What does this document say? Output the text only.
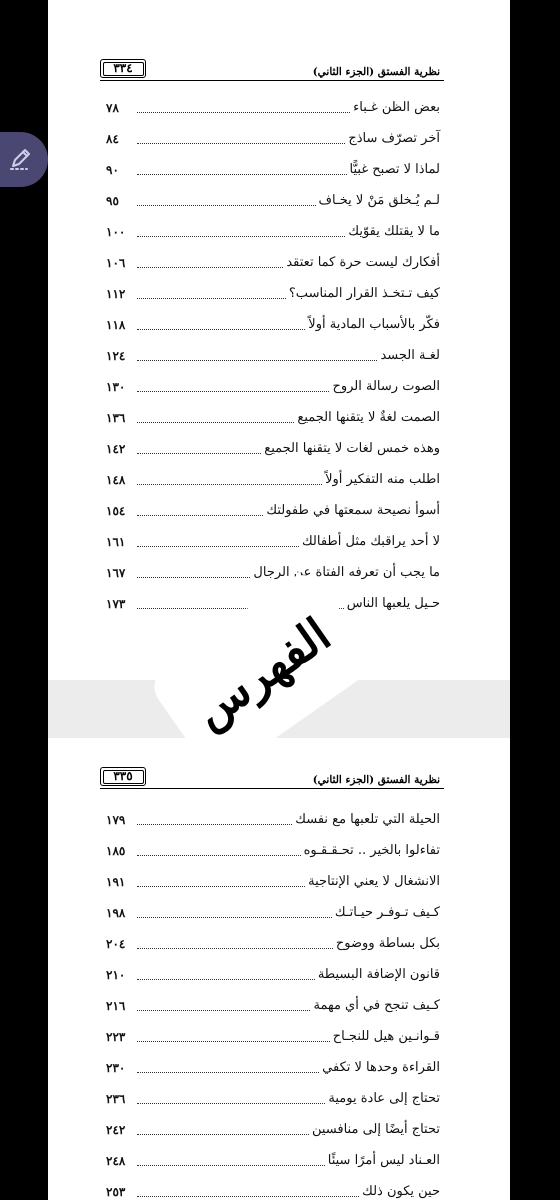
نظرية الفستق (الجزء الثاني)
٣٣٤
بعض الظن غـباء
٧٨
آخر تصرّف ساذج
٨٤
لماذا لا تصبح غبيًّا
٩٠
لـم يُـخلق مَنْ لا يخـاف
٩٥
ما لا يقتلك يقوّيك
١٠٠
أفكارك ليست حرة كما تعتقد
١٠٦
كيف تـتخـذ القرار المناسب؟
١١٢
فكّر بالأسباب المادية أولاً
١١٨
لغـة الجسد
١٢٤
الصوت رسالة الروح
١٣٠
الصمت لغةٌ لا يتقنها الجميع
١٣٦
وهذه خمس لغات لا يتقنها الجميع
١٤٢
اطلب منه التفكير أولاً
١٤٨
أسوأ نصيحة سمعتها في طفولتك
١٥٤
لا أحد يراقبك مثل أطفالك
١٦١
ما يجب أن تعرفه الفتاة عن الرجال
١٦٧
حـيل يلعبها الناس
١٧٣
نظرية الفستق (الجزء الثاني)
٣٣٥
الحيلة التي تلعبها مع نفسك
١٧٩
تفاءلوا بالخير .. تحـقـقـوه
١٨٥
الانشغال لا يعني الإنتاجية
١٩١
كـيف تـوفـر حيـاتـك
١٩٨
بكل بساطة ووضوح
٢٠٤
قانون الإضافة البسيطة
٢١٠
كـيف تنجح في أي مهمة
٢١٦
قـوانـين هيل للنجـاح
٢٢٣
القراءة وحدها لا تكفي
٢٣٠
تحتاج إلى عادة يومية
٢٣٦
تحتاج أيضًا إلى منافسين
٢٤٢
العـناد ليس أمرًا سيئًا
٢٤٨
حين يكون ذلك
٢٥٣
الفهرس
